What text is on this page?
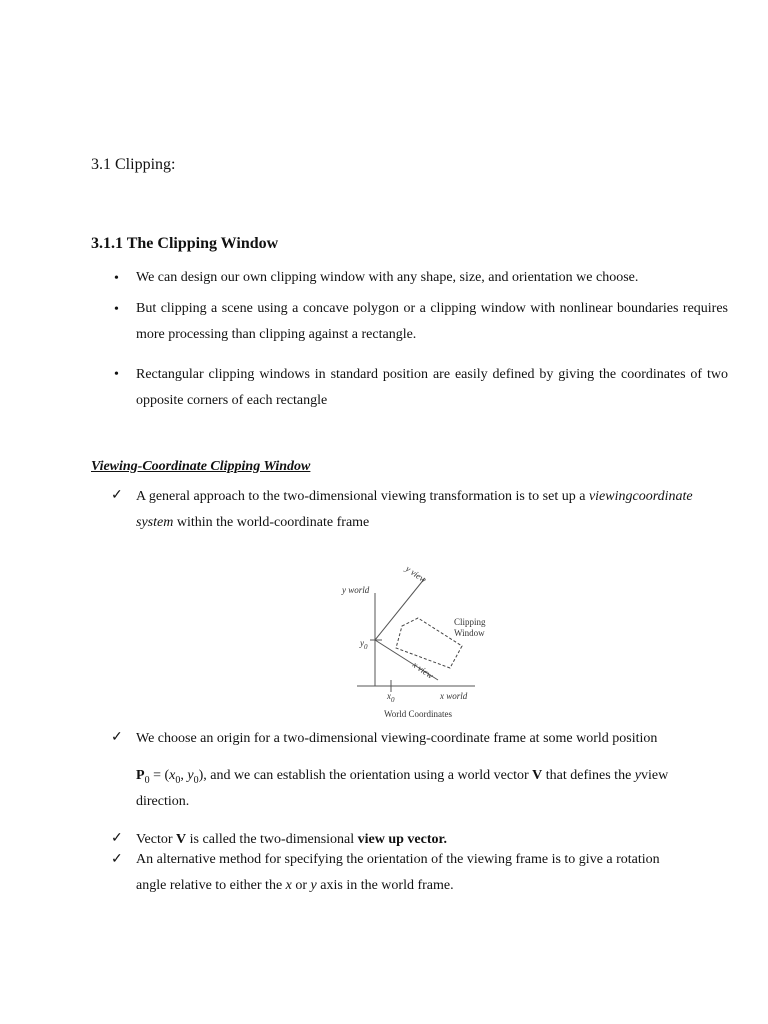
3.1 Clipping:
3.1.1 The Clipping Window
• We can design our own clipping window with any shape, size, and orientation we choose.
• But clipping a scene using a concave polygon or a clipping window with nonlinear boundaries requires more processing than clipping against a rectangle.
• Rectangular clipping windows in standard position are easily defined by giving the coordinates of two opposite corners of each rectangle
Viewing-Coordinate Clipping Window
✓ A general approach to the two-dimensional viewing transformation is to set up a viewingcoordinate
system within the world-coordinate frame
y world
x world
y view
x view
Clipping
Window
$y_0$
$x_0$
World Coordinates
✓ We choose an origin for a two-dimensional viewing-coordinate frame at some world position
$P_0 = (x_0$, $y_0$), and we can establish the orientation using a world vector V that defines the yview
direction.
✓ Vector V is called the two-dimensional view up vector.
✓ An alternative method for specifying the orientation of the viewing frame is to give a rotation
angle relative to either the x or y axis in the world frame.
